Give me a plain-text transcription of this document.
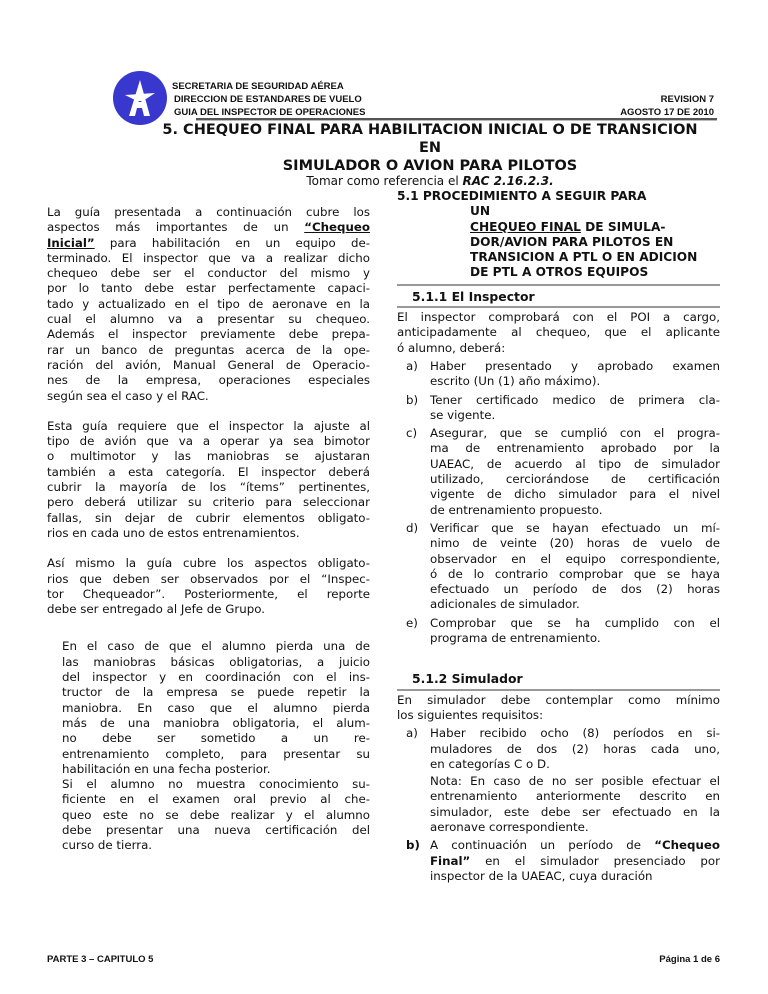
SECRETARIA DE SEGURIDAD AÉREA
DIRECCION DE ESTANDARES DE VUELO
GUIA DEL INSPECTOR DE OPERACIONES
REVISION 7
AGOSTO 17 DE 2010
5. CHEQUEO FINAL PARA HABILITACION INICIAL O DE TRANSICION
EN
SIMULADOR O AVION PARA PILOTOS
Tomar como referencia el RAC 2.16.2.3.
La guía presentada a continuación cubre los
aspectos más importantes de un “Chequeo
Inicial” para habilitación en un equipo de-
terminado. El inspector que va a realizar dicho
chequeo debe ser el conductor del mismo y
por lo tanto debe estar perfectamente capaci-
tado y actualizado en el tipo de aeronave en la
cual el alumno va a presentar su chequeo.
Además el inspector previamente debe prepa-
rar un banco de preguntas acerca de la ope-
ración del avión, Manual General de Operacio-
nes de la empresa, operaciones especiales
según sea el caso y el RAC.
Esta guía requiere que el inspector la ajuste al
tipo de avión que va a operar ya sea bimotor
o multimotor y las maniobras se ajustaran
también a esta categoría. El inspector deberá
cubrir la mayoría de los “ítems” pertinentes,
pero deberá utilizar su criterio para seleccionar
fallas, sin dejar de cubrir elementos obligato-
rios en cada uno de estos entrenamientos.
Así mismo la guía cubre los aspectos obligato-
rios que deben ser observados por el “Inspec-
tor Chequeador”. Posteriormente, el reporte
debe ser entregado al Jefe de Grupo.
En el caso de que el alumno pierda una de
las maniobras básicas obligatorias, a juicio
del inspector y en coordinación con el ins-
tructor de la empresa se puede repetir la
maniobra. En caso que el alumno pierda
más de una maniobra obligatoria, el alum-
no debe ser sometido a un re-
entrenamiento completo, para presentar su
habilitación en una fecha posterior.
Si el alumno no muestra conocimiento su-
ficiente en el examen oral previo al che-
queo este no se debe realizar y el alumno
debe presentar una nueva certificación del
curso de tierra.
5.1 PROCEDIMIENTO A SEGUIR PARA
UN
CHEQUEO FINAL DE SIMULA-
DOR/AVION PARA PILOTOS EN
TRANSICION A PTL O EN ADICION
DE PTL A OTROS EQUIPOS
5.1.1 El Inspector
El inspector comprobará con el POI a cargo,
anticipadamente al chequeo, que el aplicante
ó alumno, deberá:
a)	Haber presentado y aprobado examen
escrito (Un (1) año máximo).
b)	Tener certificado medico de primera cla-
se vigente.
c)	Asegurar, que se cumplió con el progra-
ma de entrenamiento aprobado por la
UAEAC, de acuerdo al tipo de simulador
utilizado, cerciorándose de certificación
vigente de dicho simulador para el nivel
de entrenamiento propuesto.
d)	Verificar que se hayan efectuado un mí-
nimo de veinte (20) horas de vuelo de
observador en el equipo correspondiente,
ó de lo contrario comprobar que se haya
efectuado un período de dos (2) horas
adicionales de simulador.
e)	Comprobar que se ha cumplido con el
programa de entrenamiento.
5.1.2 Simulador
En simulador debe contemplar como mínimo
los siguientes requisitos:
a)	Haber recibido ocho (8) períodos en si-
muladores de dos (2) horas cada uno,
en categorías C o D.
Nota: En caso de no ser posible efectuar el
entrenamiento anteriormente descrito en
simulador, este debe ser efectuado en la
aeronave correspondiente.
b) A continuación un período de “Chequeo
Final” en el simulador presenciado por
inspector de la UAEAC, cuya duración
PARTE 3 – CAPITULO 5	Página 1 de 6
